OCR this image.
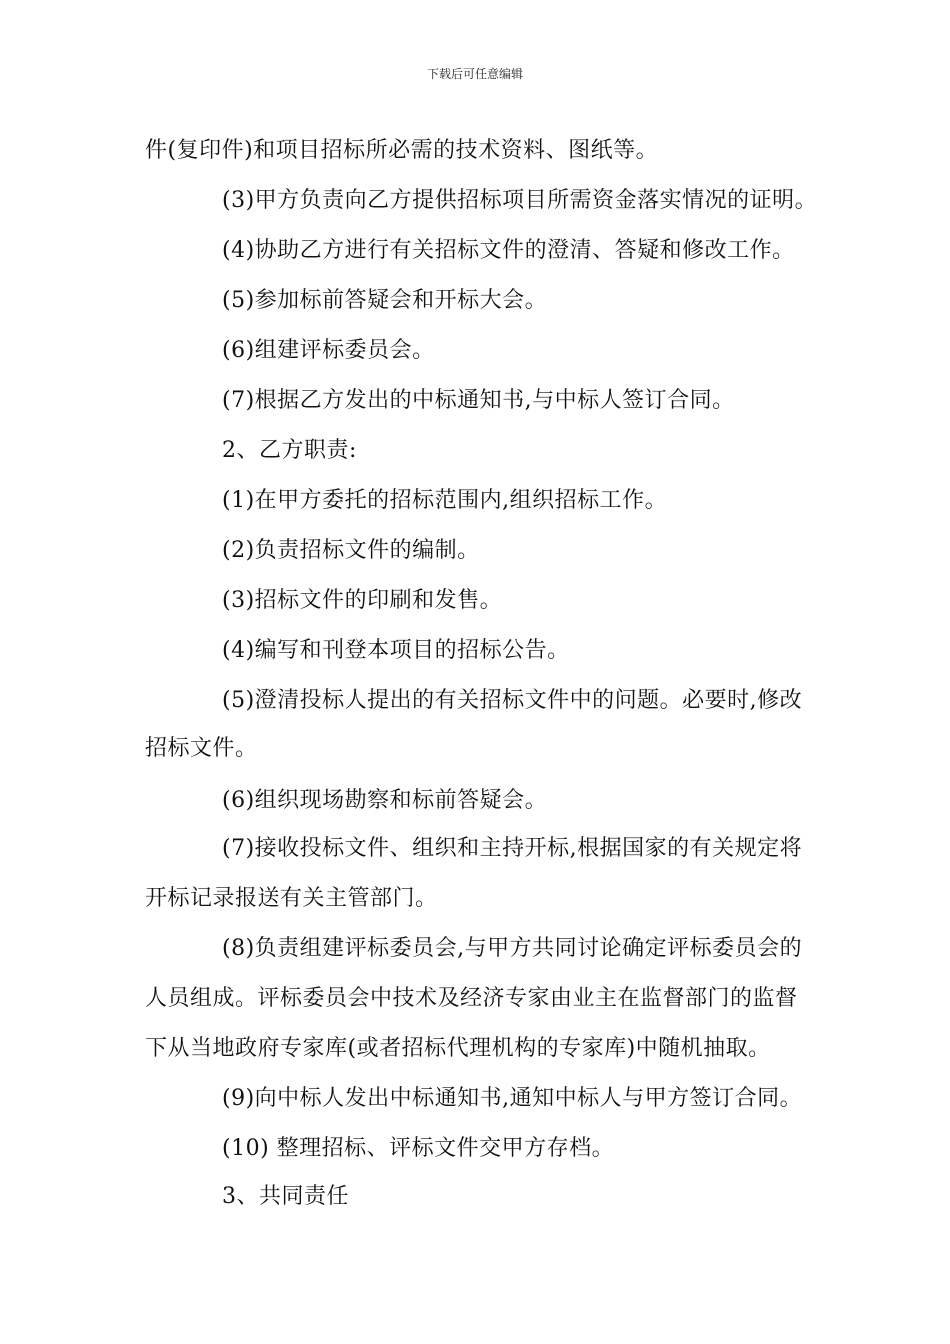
下载后可任意编辑
件(复印件)和项目招标所必需的技术资料、图纸等。
(3)甲方负责向乙方提供招标项目所需资金落实情况的证明。
(4)协助乙方进行有关招标文件的澄清、答疑和修改工作。
(5)参加标前答疑会和开标大会。
(6)组建评标委员会。
(7)根据乙方发出的中标通知书,与中标人签订合同。
2、乙方职责:
(1)在甲方委托的招标范围内,组织招标工作。
(2)负责招标文件的编制。
(3)招标文件的印刷和发售。
(4)编写和刊登本项目的招标公告。
(5)澄清投标人提出的有关招标文件中的问题。必要时,修改
招标文件。
(6)组织现场勘察和标前答疑会。
(7)接收投标文件、组织和主持开标,根据国家的有关规定将
开标记录报送有关主管部门。
(8)负责组建评标委员会,与甲方共同讨论确定评标委员会的
人员组成。评标委员会中技术及经济专家由业主在监督部门的监督
下从当地政府专家库(或者招标代理机构的专家库)中随机抽取。
(9)向中标人发出中标通知书,通知中标人与甲方签订合同。
(10) 整理招标、评标文件交甲方存档。
3、共同责任
